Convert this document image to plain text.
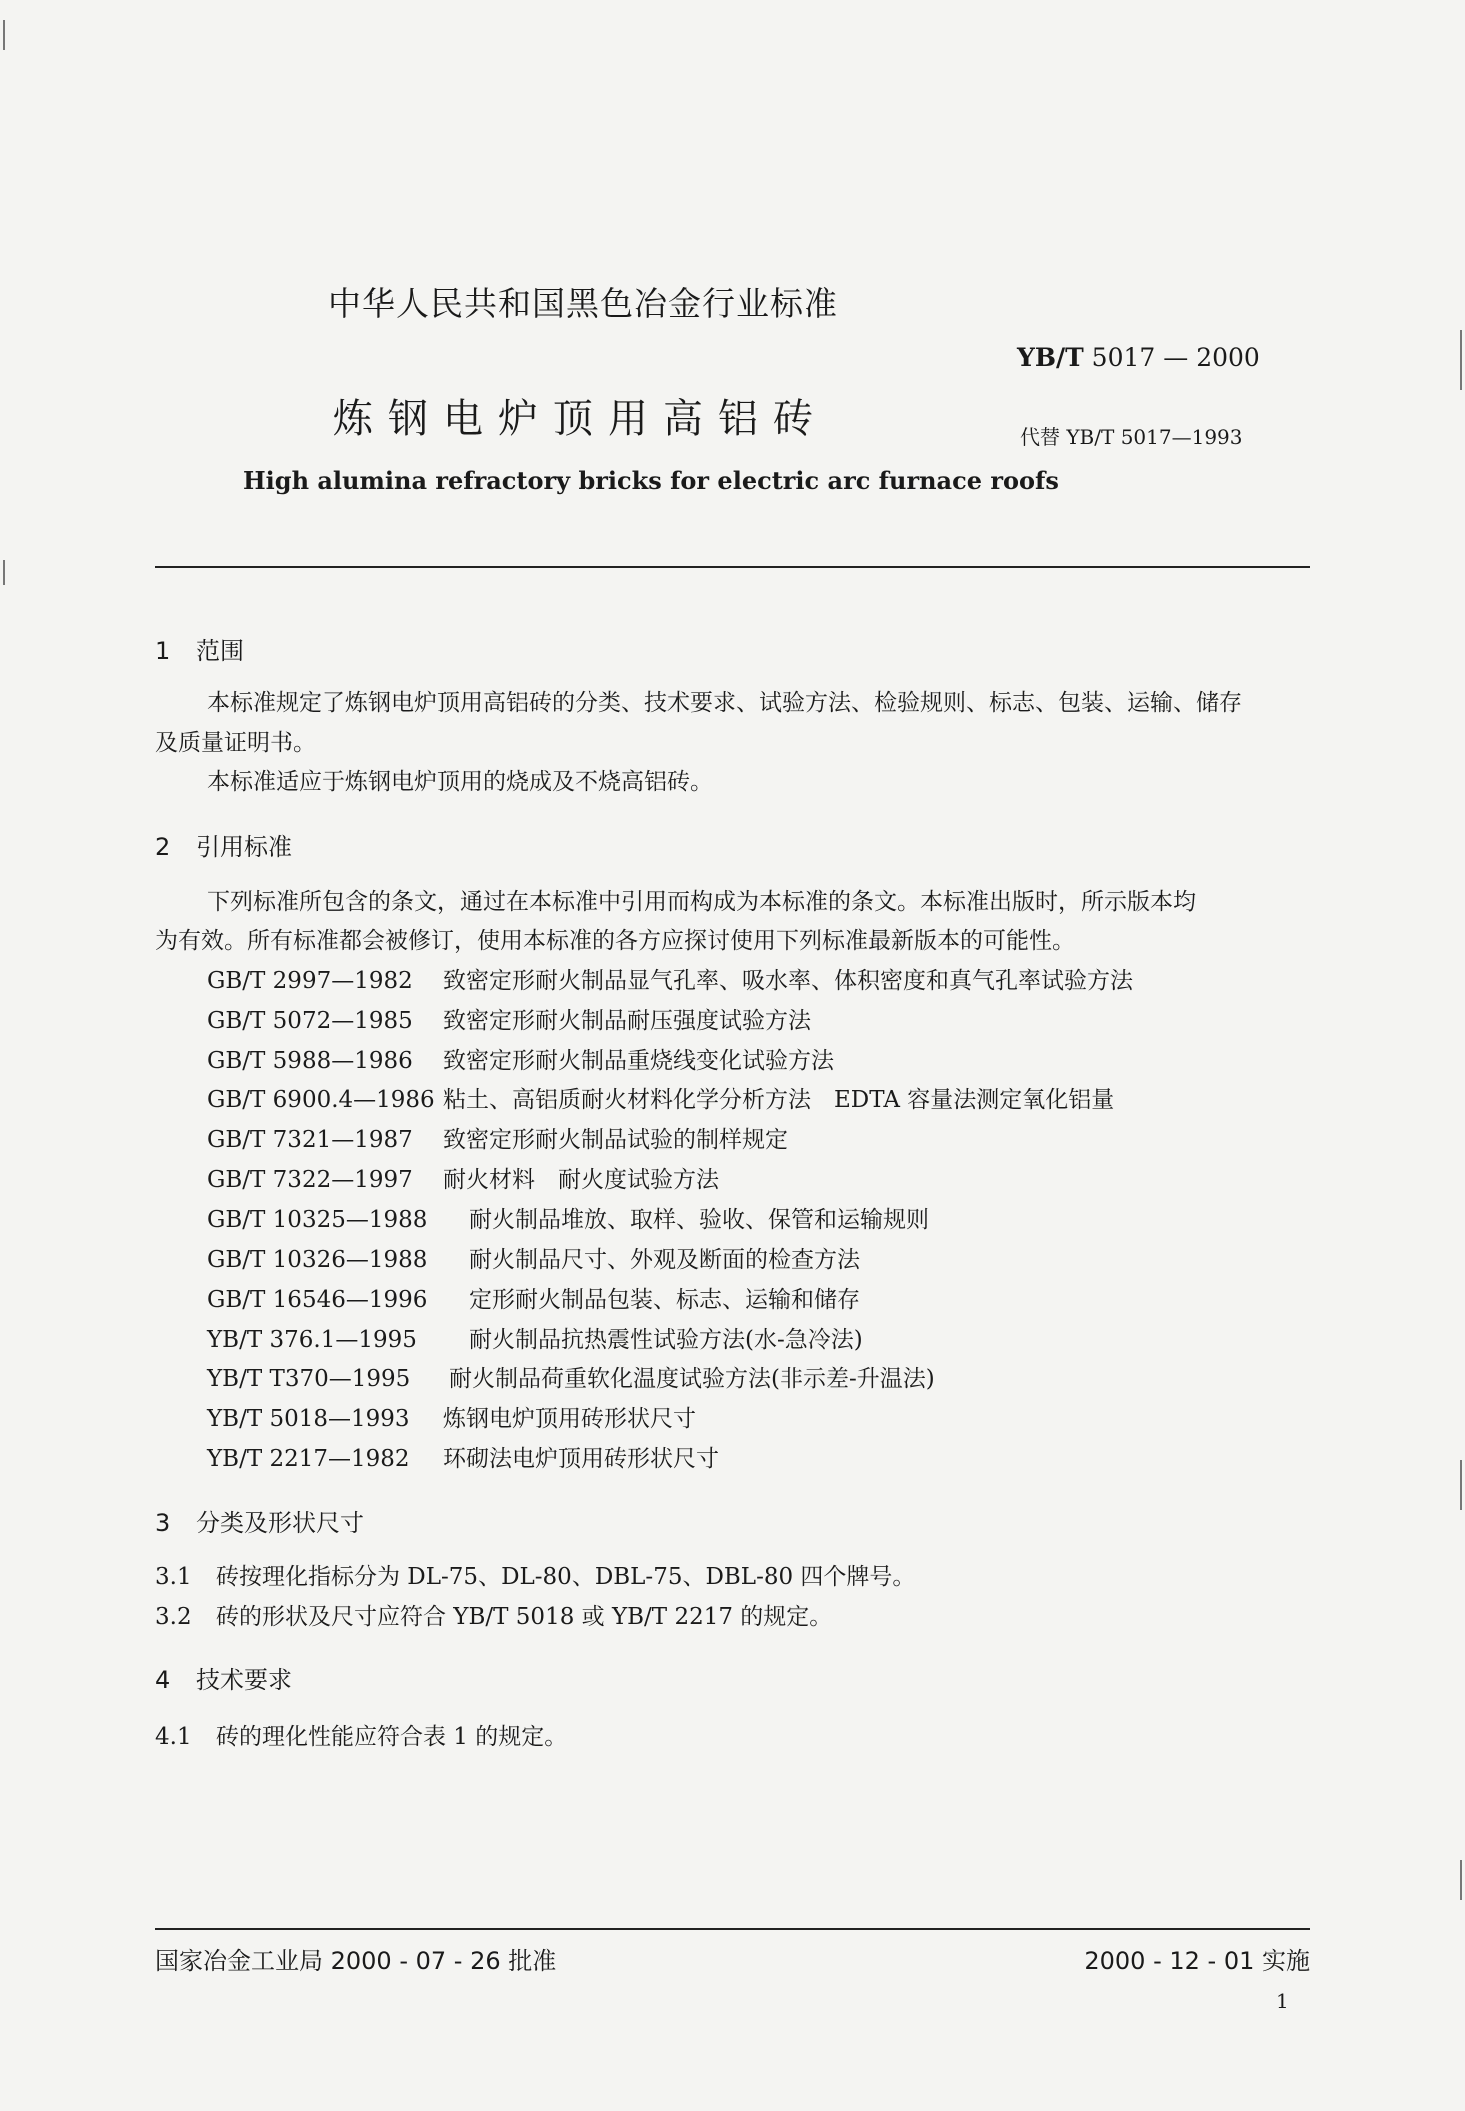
中华人民共和国黑色冶金行业标准
YB/T 5017 — 2000
炼钢电炉顶用高铝砖	代替 YB/T 5017—1993
High alumina refractory bricks for electric arc furnace roofs
1 范围
本标准规定了炼钢电炉顶用高铝砖的分类、技术要求、试验方法、检验规则、标志、包装、运输、储存
及质量证明书。
本标准适应于炼钢电炉顶用的烧成及不烧高铝砖。
2 引用标准
下列标准所包含的条文，通过在本标准中引用而构成为本标准的条文。本标准出版时，所示版本均
为有效。所有标准都会被修订，使用本标准的各方应探讨使用下列标准最新版本的可能性。
GB/T 2997—1982 致密定形耐火制品显气孔率、吸水率、体积密度和真气孔率试验方法
GB/T 5072—1985 致密定形耐火制品耐压强度试验方法
GB/T 5988—1986 致密定形耐火制品重烧线变化试验方法
GB/T 6900.4—1986 粘土、高铝质耐火材料化学分析方法　EDTA 容量法测定氧化铝量
GB/T 7321—1987 致密定形耐火制品试验的制样规定
GB/T 7322—1997 耐火材料　耐火度试验方法
GB/T 10325—1988 耐火制品堆放、取样、验收、保管和运输规则
GB/T 10326—1988 耐火制品尺寸、外观及断面的检查方法
GB/T 16546—1996 定形耐火制品包装、标志、运输和储存
YB/T 376.1—1995 耐火制品抗热震性试验方法(水-急冷法)
YB/T T370—1995 耐火制品荷重软化温度试验方法(非示差-升温法)
YB/T 5018—1993 炼钢电炉顶用砖形状尺寸
YB/T 2217—1982 环砌法电炉顶用砖形状尺寸
3 分类及形状尺寸
3.1 砖按理化指标分为 DL-75、DL-80、DBL-75、DBL-80 四个牌号。
3.2 砖的形状及尺寸应符合 YB/T 5018 或 YB/T 2217 的规定。
4 技术要求
4.1 砖的理化性能应符合表 1 的规定。
国家冶金工业局 2000 - 07 - 26 批准	2000 - 12 - 01 实施
1
